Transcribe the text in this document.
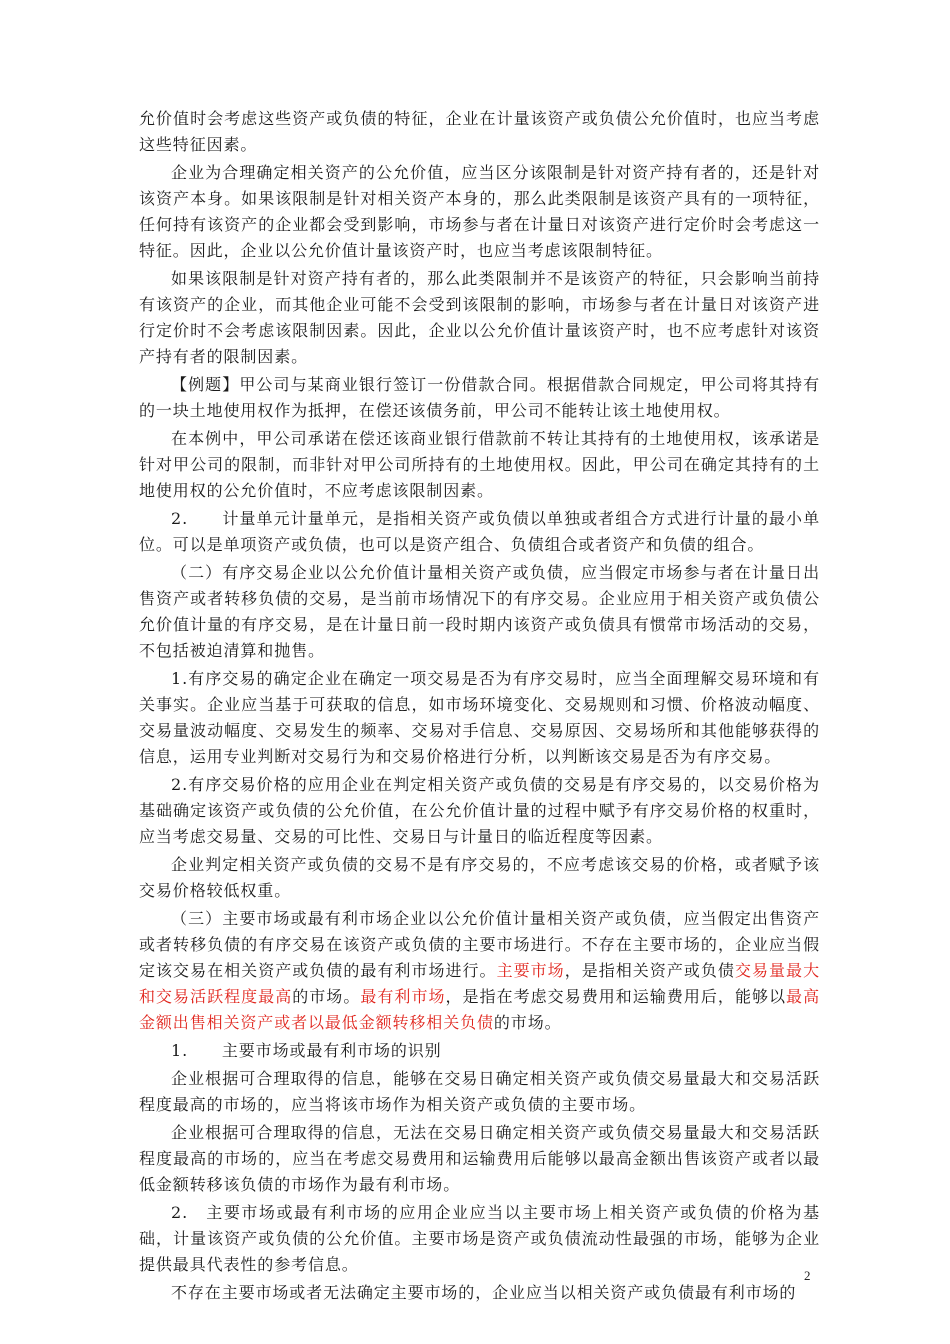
允价值时会考虑这些资产或负债的特征，企业在计量该资产或负债公允价值时，也应当考虑这些特征因素。

企业为合理确定相关资产的公允价值，应当区分该限制是针对资产持有者的，还是针对该资产本身。如果该限制是针对相关资产本身的，那么此类限制是该资产具有的一项特征，任何持有该资产的企业都会受到影响，市场参与者在计量日对该资产进行定价时会考虑这一特征。因此，企业以公允价值计量该资产时，也应当考虑该限制特征。

如果该限制是针对资产持有者的，那么此类限制并不是该资产的特征，只会影响当前持有该资产的企业，而其他企业可能不会受到该限制的影响，市场参与者在计量日对该资产进行定价时不会考虑该限制因素。因此，企业以公允价值计量该资产时，也不应考虑针对该资产持有者的限制因素。

【例题】甲公司与某商业银行签订一份借款合同。根据借款合同规定，甲公司将其持有的一块土地使用权作为抵押，在偿还该债务前，甲公司不能转让该土地使用权。

在本例中，甲公司承诺在偿还该商业银行借款前不转让其持有的土地使用权，该承诺是针对甲公司的限制，而非针对甲公司所持有的土地使用权。因此，甲公司在确定其持有的土地使用权的公允价值时，不应考虑该限制因素。

2.　　计量单元计量单元，是指相关资产或负债以单独或者组合方式进行计量的最小单位。可以是单项资产或负债，也可以是资产组合、负债组合或者资产和负债的组合。

（二）有序交易企业以公允价值计量相关资产或负债，应当假定市场参与者在计量日出售资产或者转移负债的交易，是当前市场情况下的有序交易。企业应用于相关资产或负债公允价值计量的有序交易，是在计量日前一段时期内该资产或负债具有惯常市场活动的交易，不包括被迫清算和抛售。

1.有序交易的确定企业在确定一项交易是否为有序交易时，应当全面理解交易环境和有关事实。企业应当基于可获取的信息，如市场环境变化、交易规则和习惯、价格波动幅度、交易量波动幅度、交易发生的频率、交易对手信息、交易原因、交易场所和其他能够获得的信息，运用专业判断对交易行为和交易价格进行分析，以判断该交易是否为有序交易。

2.有序交易价格的应用企业在判定相关资产或负债的交易是有序交易的，以交易价格为基础确定该资产或负债的公允价值，在公允价值计量的过程中赋予有序交易价格的权重时，应当考虑交易量、交易的可比性、交易日与计量日的临近程度等因素。

企业判定相关资产或负债的交易不是有序交易的，不应考虑该交易的价格，或者赋予该交易价格较低权重。

（三）主要市场或最有利市场企业以公允价值计量相关资产或负债，应当假定出售资产或者转移负债的有序交易在该资产或负债的主要市场进行。不存在主要市场的，企业应当假定该交易在相关资产或负债的最有利市场进行。主要市场，是指相关资产或负债交易量最大和交易活跃程度最高的市场。最有利市场，是指在考虑交易费用和运输费用后，能够以最高金额出售相关资产或者以最低金额转移相关负债的市场。

1.　　主要市场或最有利市场的识别

企业根据可合理取得的信息，能够在交易日确定相关资产或负债交易量最大和交易活跃程度最高的市场的，应当将该市场作为相关资产或负债的主要市场。

企业根据可合理取得的信息，无法在交易日确定相关资产或负债交易量最大和交易活跃程度最高的市场的，应当在考虑交易费用和运输费用后能够以最高金额出售该资产或者以最低金额转移该负债的市场作为最有利市场。

2.　主要市场或最有利市场的应用企业应当以主要市场上相关资产或负债的价格为基础，计量该资产或负债的公允价值。主要市场是资产或负债流动性最强的市场，能够为企业提供最具代表性的参考信息。

不存在主要市场或者无法确定主要市场的，企业应当以相关资产或负债最有利市场的

2
